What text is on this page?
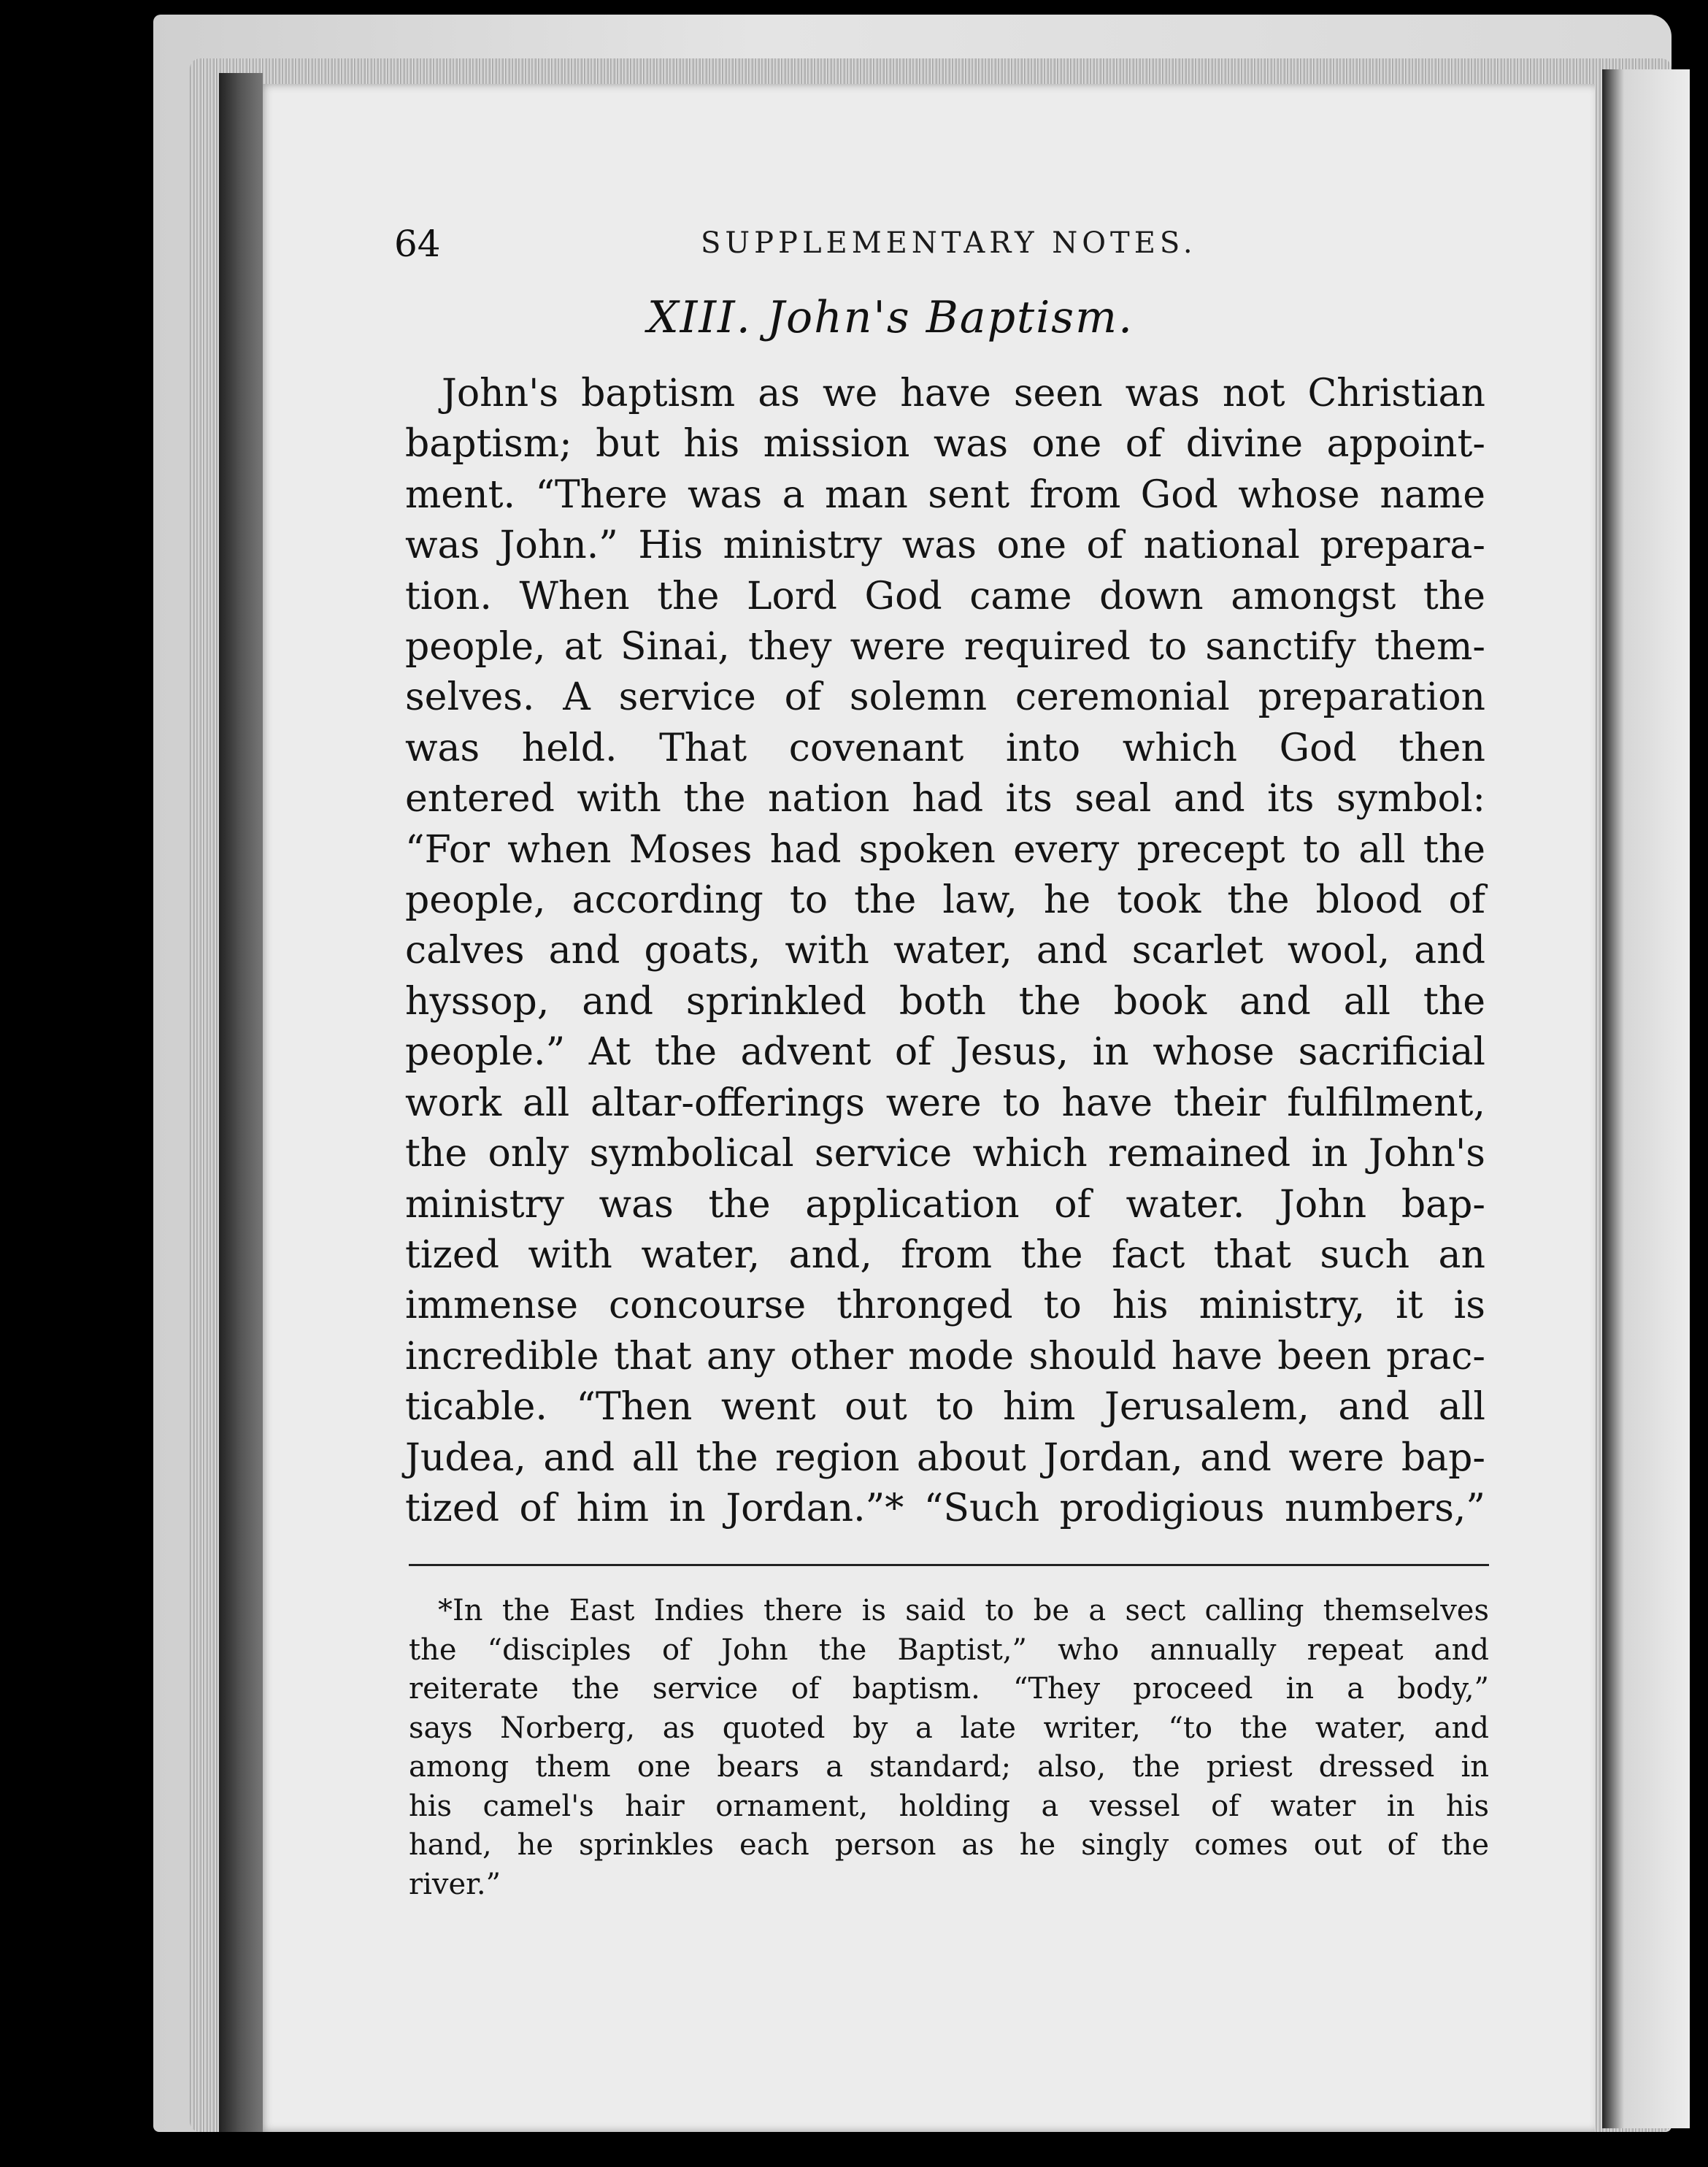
64	SUPPLEMENTARY NOTES.
XIII. John's Baptism.
John's baptism as we have seen was not Christian
baptism; but his mission was one of divine appoint-
ment. “There was a man sent from God whose name
was John.” His ministry was one of national prepara-
tion. When the Lord God came down amongst the
people, at Sinai, they were required to sanctify them-
selves. A service of solemn ceremonial preparation
was held. That covenant into which God then
entered with the nation had its seal and its symbol:
“For when Moses had spoken every precept to all the
people, according to the law, he took the blood of
calves and goats, with water, and scarlet wool, and
hyssop, and sprinkled both the book and all the
people.” At the advent of Jesus, in whose sacrificial
work all altar-offerings were to have their fulfilment,
the only symbolical service which remained in John's
ministry was the application of water. John bap-
tized with water, and, from the fact that such an
immense concourse thronged to his ministry, it is
incredible that any other mode should have been prac-
ticable. “Then went out to him Jerusalem, and all
Judea, and all the region about Jordan, and were bap-
tized of him in Jordan.”* “Such prodigious numbers,”
*In the East Indies there is said to be a sect calling themselves
the “disciples of John the Baptist,” who annually repeat and
reiterate the service of baptism. “They proceed in a body,”
says Norberg, as quoted by a late writer, “to the water, and
among them one bears a standard; also, the priest dressed in
his camel's hair ornament, holding a vessel of water in his
hand, he sprinkles each person as he singly comes out of the
river.”
